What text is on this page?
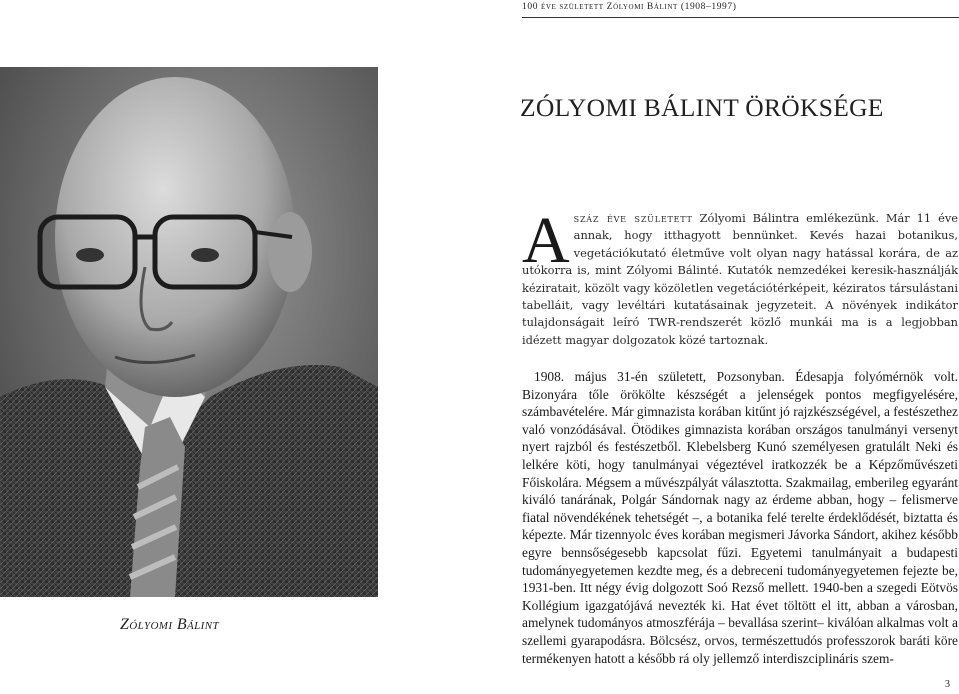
100 éve született Zólyomi Bálint (1908–1997)
ZÓLYOMI BÁLINT ÖRÖKSÉGE
Zólyomi Bálint
Aszáz éve született Zólyomi Bálintra emlékezünk. Már 11 éve annak, hogy itthagyott bennünket. Kevés hazai botanikus, vegetációkutató életműve volt olyan nagy hatással korára, de az utókorra is, mint Zólyomi Bálinté. Kutatók nemzedékei keresik-használják kéziratait, közölt vagy közöletlen vegetációtérképeit, kéziratos társulástani tabelláit, vagy levéltári kutatásainak jegyzeteit. A növények indikátor tulajdonságait leíró TWR-rendszerét közlő munkái ma is a legjobban idézett magyar dolgozatok közé tartoznak.

1908. május 31-én született, Pozsonyban. Édesapja folyómérnök volt. Bizonyára tőle örökölte készségét a jelenségek pontos megfigyelésére, számbavételére. Már gimnazista korában kitűnt jó rajzkészségével, a festészethez való vonzódásával. Ötödikes gimnazista korában országos tanulmányi versenyt nyert rajzból és festészetből. Klebelsberg Kunó személyesen gratulált Neki és lelkére köti, hogy tanulmányai végeztével iratkozzék be a Képzőművészeti Főiskolára. Mégsem a művészpályát választotta. Szakmailag, emberileg egyaránt kiváló tanárának, Polgár Sándornak nagy az érdeme abban, hogy – felismerve fiatal növendékének tehetségét –, a botanika felé terelte érdeklődését, biztatta és képezte. Már tizennyolc éves korában megismeri Jávorka Sándort, akihez később egyre bennsőségesebb kapcsolat fűzi. Egyetemi tanulmányait a budapesti tudományegyetemen kezdte meg, és a debreceni tudományegyetemen fejezte be, 1931-ben. Itt négy évig dolgozott Soó Rezső mellett. 1940-ben a szegedi Eötvös Kollégium igazgatójává nevezték ki. Hat évet töltött el itt, abban a városban, amelynek tudományos atmoszférája – bevallása szerint– kiválóan alkalmas volt a szellemi gyarapodásra. Bölcsész, orvos, természettudós professzorok baráti köre termékenyen hatott a később rá oly jellemző interdiszciplináris szem-

3
